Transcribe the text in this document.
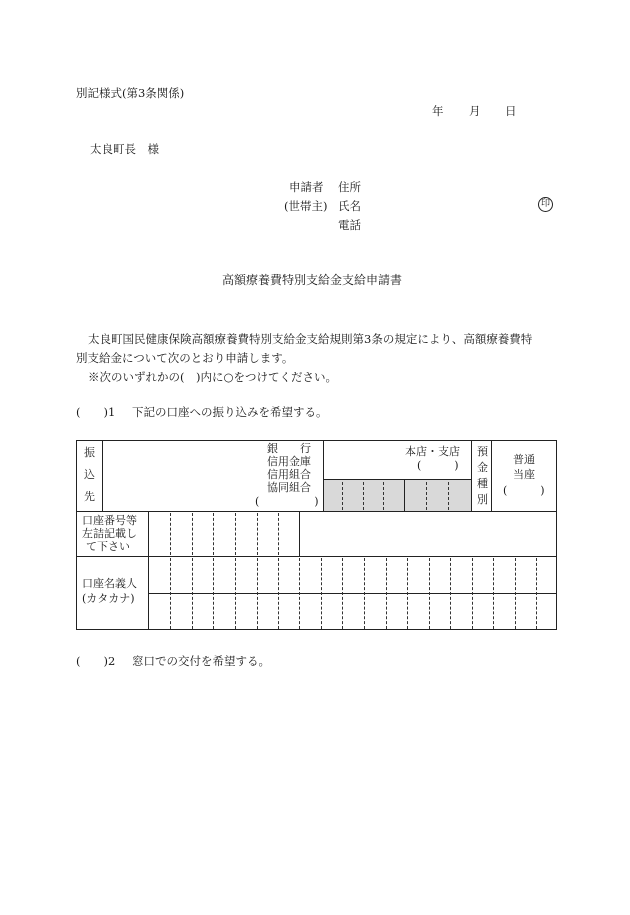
別記様式(第3条関係)
年 月 日
太良町長　様
申請者 住所
(世帯主) 氏名	印
電話
高額療養費特別支給金支給申請書

太良町国民健康保険高額療養費特別支給金支給規則第3条の規定により、高額療養費特

別支給金について次のとおり申請します。

※次のいずれかの(　)内に○をつけてください。

(　　)1 下記の口座への振り込みを希望する。
振
込
先
銀　　行
信用金庫
信用組合
協同組合
(　　　　　)
本店・支店
(　　　)
預
金
種
別
普通
当座
(　　　)
口座番号等
左詰記載し
て下さい
口座名義人
(カタカナ)
(　　)2 窓口での交付を希望する。
